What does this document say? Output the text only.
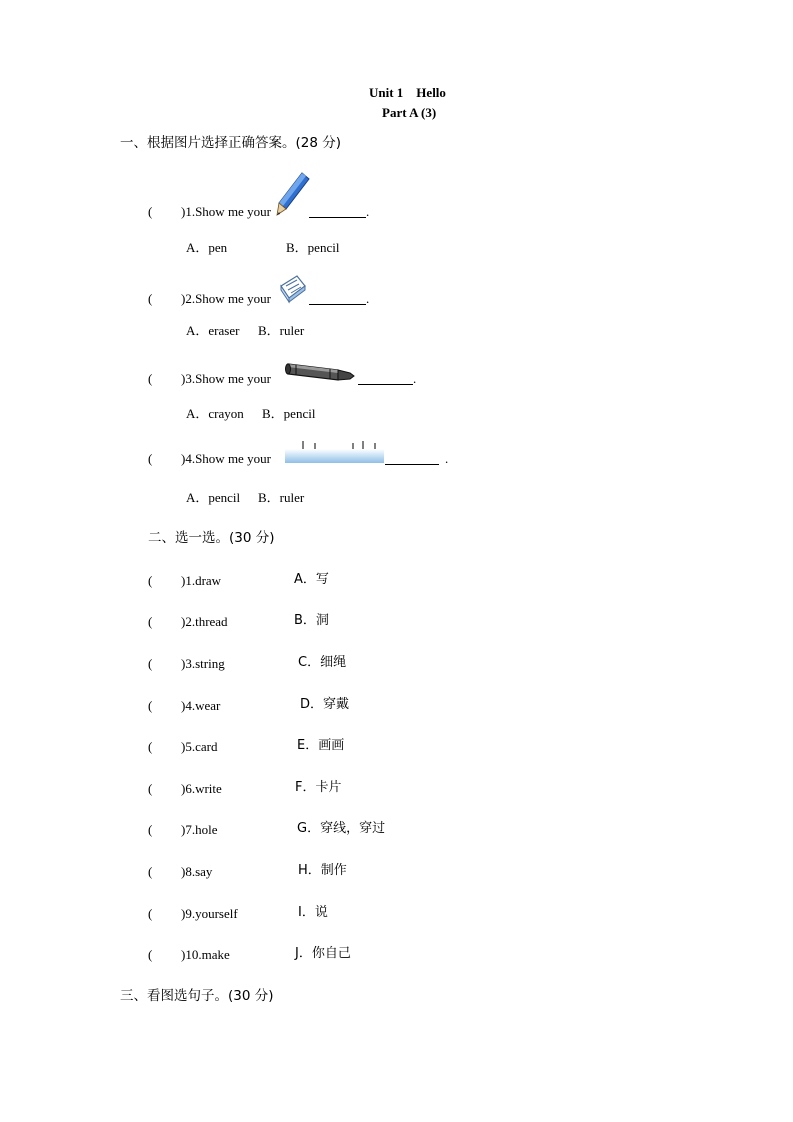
Unit 1    Hello
Part A (3)
一、根据图片选择正确答案。(28 分)
( )1.Show me your	.
A．pen	B．pencil
( )2.Show me your	.
A．eraser B．ruler
( )3.Show me your	.
A．crayon B．pencil
( )4.Show me your	.
A．pencil B．ruler
二、选一选。(30 分)
( )1.draw	A．写
( )2.thread	B．洞
( )3.string	C．细绳
( )4.wear	D．穿戴
( )5.card	E．画画
( )6.write	F．卡片
( )7.hole	G．穿线，穿过
( )8.say	H．制作
( )9.yourself	I．说
( )10.make	J．你自己
三、看图选句子。(30 分)
